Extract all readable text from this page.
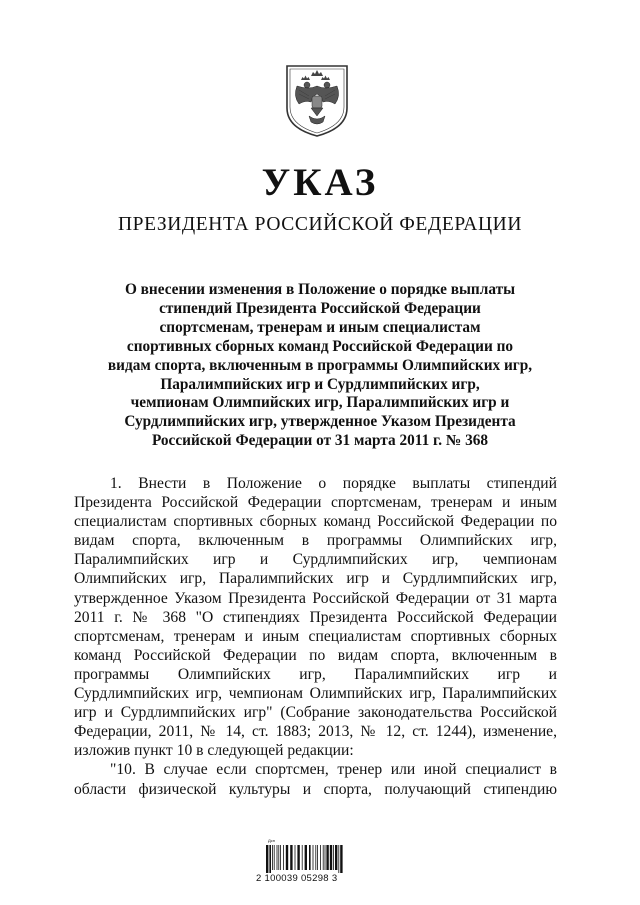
УКАЗ
ПРЕЗИДЕНТА РОССИЙСКОЙ ФЕДЕРАЦИИ
О внесении изменения в Положение о порядке выплаты
стипендий Президента Российской Федерации
спортсменам, тренерам и иным специалистам
спортивных сборных команд Российской Федерации по
видам спорта, включенным в программы Олимпийских игр,
Паралимпийских игр и Сурдлимпийских игр,
чемпионам Олимпийских игр, Паралимпийских игр и
Сурдлимпийских игр, утвержденное Указом Президента
Российской Федерации от 31 марта 2011 г. № 368
1. Внести в Положение о порядке выплаты стипендий
Президента Российской Федерации спортсменам, тренерам и иным
специалистам спортивных сборных команд Российской Федерации по
видам спорта, включенным в программы Олимпийских игр,
Паралимпийских игр и Сурдлимпийских игр, чемпионам
Олимпийских игр, Паралимпийских игр и Сурдлимпийских игр,
утвержденное Указом Президента Российской Федерации от 31 марта
2011 г. № 368 "О стипендиях Президента Российской Федерации
спортсменам, тренерам и иным специалистам спортивных сборных
команд Российской Федерации по видам спорта, включенным в
программы Олимпийских игр, Паралимпийских игр и
Сурдлимпийских игр, чемпионам Олимпийских игр, Паралимпийских
игр и Сурдлимпийских игр" (Собрание законодательства Российской
Федерации, 2011, № 14, ст. 1883; 2013, № 12, ст. 1244), изменение,
изложив пункт 10 в следующей редакции:
"10. В случае если спортсмен, тренер или иной специалист в
области физической культуры и спорта, получающий стипендию
Дсп
2 100039 05298 3
